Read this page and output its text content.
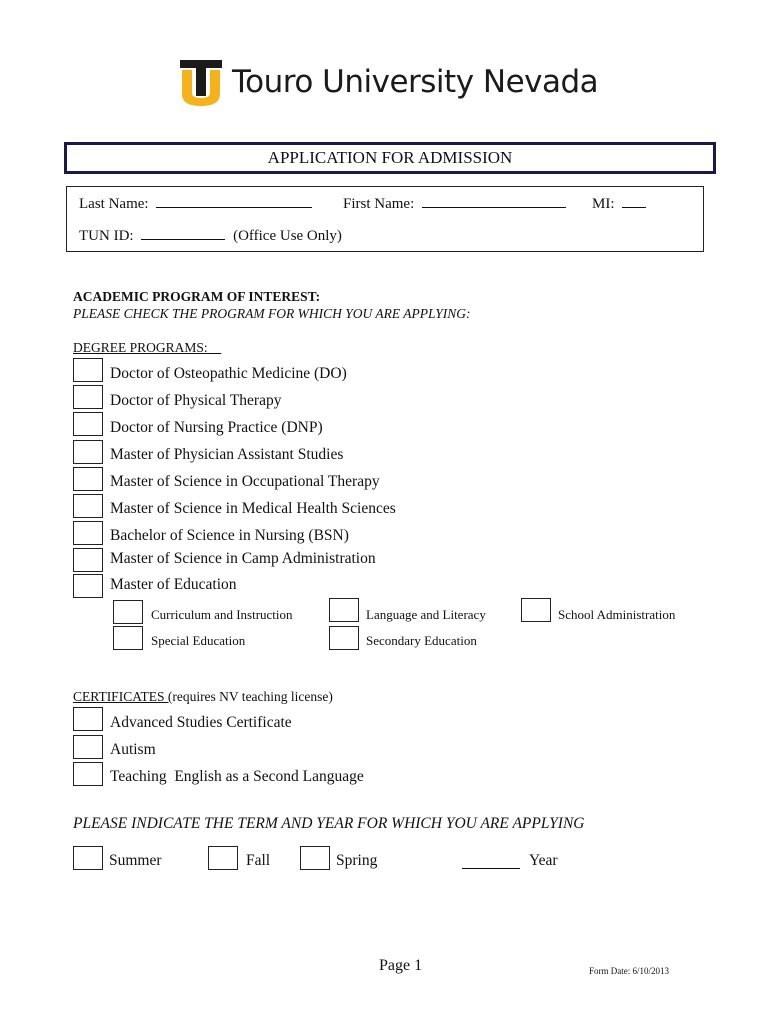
Touro University Nevada
APPLICATION FOR ADMISSION
Last Name:	First Name:	MI:
TUN ID:	(Office Use Only)
ACADEMIC PROGRAM OF INTEREST:
PLEASE CHECK THE PROGRAM FOR WHICH YOU ARE APPLYING:
DEGREE PROGRAMS:
Doctor of Osteopathic Medicine (DO)
Doctor of Physical Therapy
Doctor of Nursing Practice (DNP)
Master of Physician Assistant Studies
Master of Science in Occupational Therapy
Master of Science in Medical Health Sciences
Bachelor of Science in Nursing (BSN)
Master of Science in Camp Administration
Master of Education
Curriculum and Instruction	Language and Literacy	School Administration
Special Education	Secondary Education
CERTIFICATES (requires NV teaching license)
Advanced Studies Certificate
Autism
Teaching  English as a Second Language
PLEASE INDICATE THE TERM AND YEAR FOR WHICH YOU ARE APPLYING
Summer	Fall	Spring	Year
Page 1	Form Date: 6/10/2013
